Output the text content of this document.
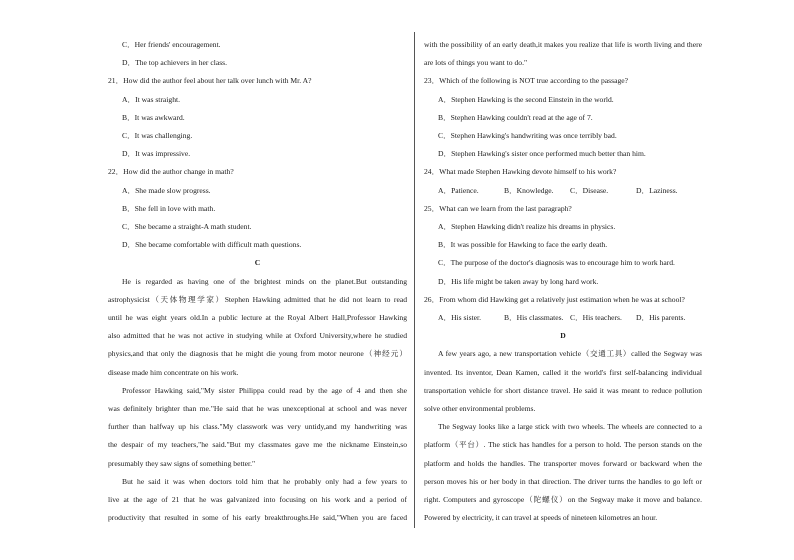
C．Her friends' encouragement.
D．The top achievers in her class.
21．How did the author feel about her talk over lunch with Mr. A?
A．It was straight.
B．It was awkward.
C．It was challenging.
D．It was impressive.
22．How did the author change in math?
A．She made slow progress.
B．She fell in love with math.
C．She became a straight-A math student.
D．She became comfortable with difficult math questions.
C
He is regarded as having one of the brightest minds on the planet.But outstanding
astrophysicist（天体物理学家）Stephen Hawking admitted that he did not learn to read
until he was eight years old.In a public lecture at the Royal Albert Hall,Professor Hawking
also admitted that he was not active in studying while at Oxford University,where he studied
physics,and that only the diagnosis that he might die young from motor neurone（神经元）
disease made him concentrate on his work.
Professor Hawking said,"My sister Philippa could read by the age of 4 and then she
was definitely brighter than me."He said that he was unexceptional at school and was never
further than halfway up his class."My classwork was very untidy,and my handwriting was
the despair of my teachers,"he said."But my classmates gave me the nickname Einstein,so
presumably they saw signs of something better."
But he said it was when doctors told him that he probably only had a few years to
live at the age of 21 that he was galvanized into focusing on his work and a period of
productivity that resulted in some of his early breakthroughs.He said,"When you are faced
with the possibility of an early death,it makes you realize that life is worth living and there
are lots of things you want to do."
23．Which of the following is NOT true according to the passage?
A．Stephen Hawking is the second Einstein in the world.
B．Stephen Hawking couldn't read at the age of 7.
C．Stephen Hawking's handwriting was once terribly bad.
D．Stephen Hawking's sister once performed much better than him.
24．What made Stephen Hawking devote himself to his work?
A．Patience.	B．Knowledge.	C．Disease.	D．Laziness.
25．What can we learn from the last paragraph?
A．Stephen Hawking didn't realize his dreams in physics.
B．It was possible for Hawking to face the early death.
C．The purpose of the doctor's diagnosis was to encourage him to work hard.
D．His life might be taken away by long hard work.
26．From whom did Hawking get a relatively just estimation when he was at school?
A．His sister.	B．His classmates. C．His teachers.	D．His parents.
D
A few years ago, a new transportation vehicle（交通工具）called the Segway was
invented. Its inventor, Dean Kamen, called it the world's first self-balancing individual
transportation vehicle for short distance travel. He said it was meant to reduce pollution
solve other environmental problems.
The Segway looks like a large stick with two wheels. The wheels are connected to a
platform（平台）. The stick has handles for a person to hold. The person stands on the
platform and holds the handles. The transporter moves forward or backward when the
person moves his or her body in that direction. The driver turns the handles to go left or
right. Computers and gyroscope（陀螺仪）on the Segway make it move and balance.
Powered by electricity, it can travel at speeds of nineteen kilometres an hour.
